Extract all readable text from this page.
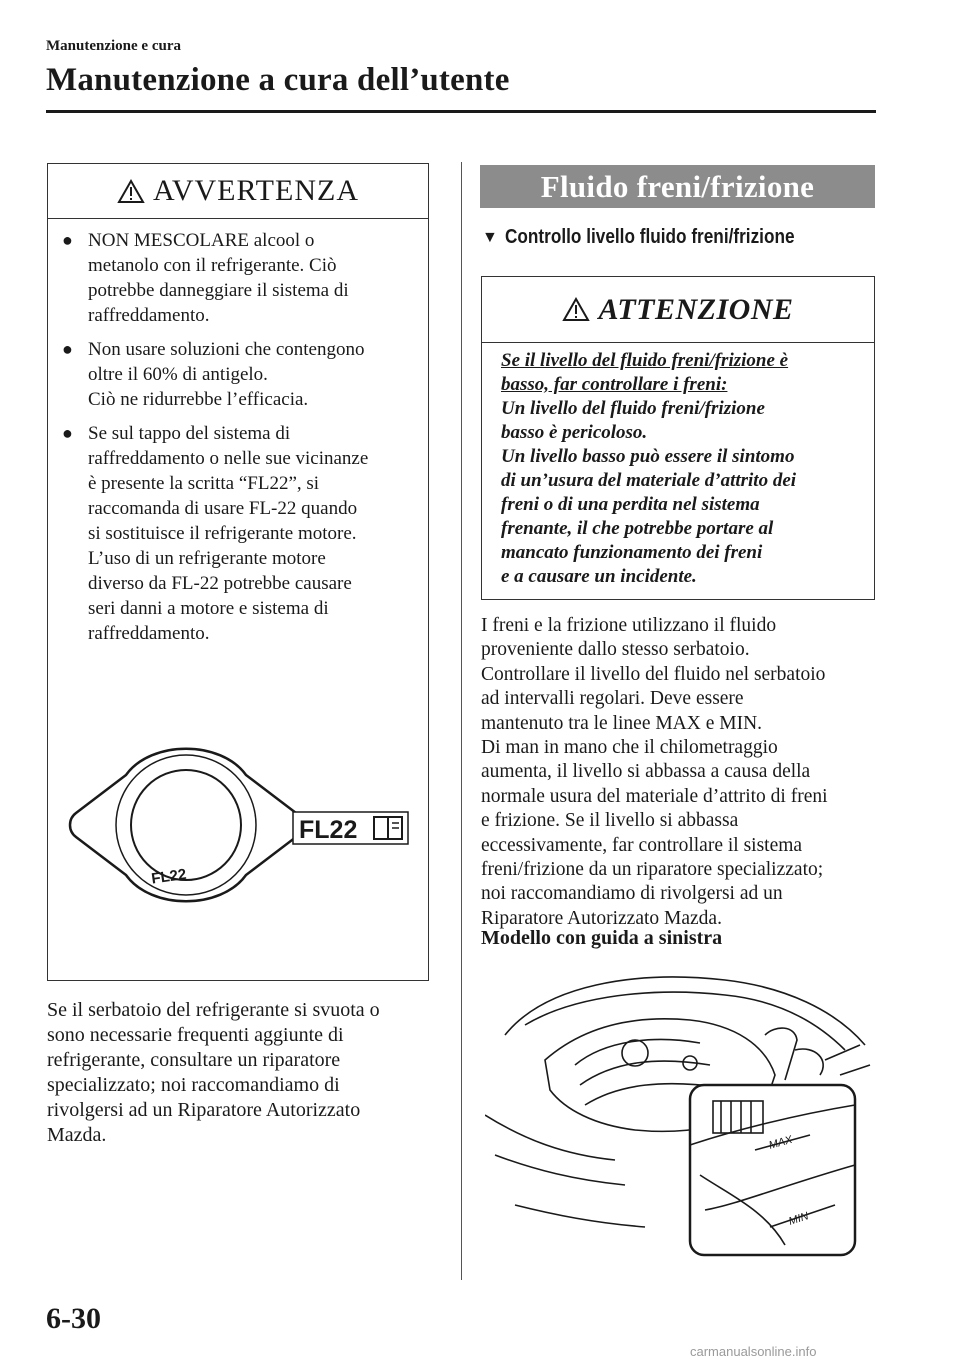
Manutenzione e cura
Manutenzione a cura dell’utente
AVVERTENZA
● NON MESCOLARE alcool o
metanolo con il refrigerante. Ciò
potrebbe danneggiare il sistema di
raffreddamento.
● Non usare soluzioni che contengono
oltre il 60% di antigelo.
Ciò ne ridurrebbe l’efficacia.
● Se sul tappo del sistema di
raffreddamento o nelle sue vicinanze
è presente la scritta “FL22”, si
raccomanda di usare FL-22 quando
si sostituisce il refrigerante motore.
L’uso di un refrigerante motore
diverso da FL-22 potrebbe causare
seri danni a motore e sistema di
raffreddamento.
FL22
FL22
Se il serbatoio del refrigerante si svuota o
sono necessarie frequenti aggiunte di
refrigerante, consultare un riparatore
specializzato; noi raccomandiamo di
rivolgersi ad un Riparatore Autorizzato
Mazda.
Fluido freni/frizione
▼ Controllo livello fluido freni/frizione
ATTENZIONE
Se il livello del fluido freni/frizione è
basso, far controllare i freni:
Un livello del fluido freni/frizione
basso è pericoloso.
Un livello basso può essere il sintomo
di un’usura del materiale d’attrito dei
freni o di una perdita nel sistema
frenante, il che potrebbe portare al
mancato funzionamento dei freni
e a causare un incidente.
I freni e la frizione utilizzano il fluido
proveniente dallo stesso serbatoio.
Controllare il livello del fluido nel serbatoio
ad intervalli regolari. Deve essere
mantenuto tra le linee MAX e MIN.
Di man in mano che il chilometraggio
aumenta, il livello si abbassa a causa della
normale usura del materiale d’attrito di freni
e frizione. Se il livello si abbassa
eccessivamente, far controllare il sistema
freni/frizione da un riparatore specializzato;
noi raccomandiamo di rivolgersi ad un
Riparatore Autorizzato Mazda.
Modello con guida a sinistra
MAX
MIN
6-30
carmanualsonline.info
